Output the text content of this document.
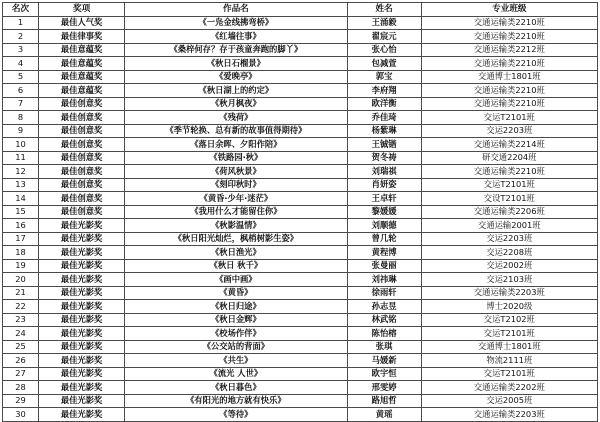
名次	奖项	作品名	姓名	专业班级
1	最佳人气奖	《一凫金线拂弯桥》	王涌毅	交通运输类2210班
2	最佳律事奖	《红墙往事》	翟宸元	交通运输类2210班
3	最佳意蕴奖	《桑梓何存？存于孩童奔跑的脚丫》	张心怡	交通运输类2212班
4	最佳意蕴奖	《秋日石榴景》	包减萱	交通运输类2210班
5	最佳意蕴奖	《爱晚亭》	郭宝	交通博士1801班
6	最佳意蕴奖	《秋日湖上的约定》	李府翔	交通运输类2210班
7	最佳创意奖	《秋月枫夜》	欧洋衡	交通运输类2210班
8	最佳创意奖	《残荷》	乔佳琦	交运T2101班
9	最佳创意奖	《季节轮换、总有新的故事值得期待》	杨紫琳	交运2203班
10	最佳创意奖	《落日余晖、夕阳作陪》	王铖锴	交通运输类2214班
11	最佳创意奖	《铁路园·秋》	贺冬祷	研交通2204班
12	最佳创意奖	《荷风秋景》	刘瑞祺	交通运输类2210班
13	最佳创意奖	《刻印秋时》	肖妍姿	交运T2101班
14	最佳创意奖	《黄昏·少年·迷茫》	王卓轩	交设T2101班
15	最佳创意奖	《我用什么才能留住你》	黎媛媛	交通运输类2206班
16	最佳光影奖	《秋影温情》	刘顺德	交通运输2001班
17	最佳光影奖	《秋日阳光灿烂，枫梢树影生姿》	曾几轮	交运2203班
18	最佳光影奖	《秋日渔光》	黄程博	交运2208班
19	最佳光影奖	《秋日 秋千》	张曼丽	交运2002班
20	最佳光影奖	《画中画》	刘祎琳	交运2103班
21	最佳光影奖	《黄昏》	徐雨轩	交通运输类2203班
22	最佳光影奖	《秋日归途》	孙志昱	博士2020级
23	最佳光影奖	《秋日金辉》	林武铭	交运T2102班
24	最佳光影奖	《校场作伴》	陈怡榕	交运T2101班
25	最佳光影奖	《公交站的背面》	张琪	交通博士1801班
26	最佳光影奖	《共生》	马媛新	物流2111班
27	最佳光影奖	《流光 人世》	欧宇恒	交运T2101班
28	最佳光影奖	《秋日暮色》	邢雯婷	交通运输类2202班
29	最佳光影奖	《有阳光的地方就有快乐》	路旭哲	交运2005班
30	最佳光影奖	《等待》	黄瑶	交通运输类2203班
